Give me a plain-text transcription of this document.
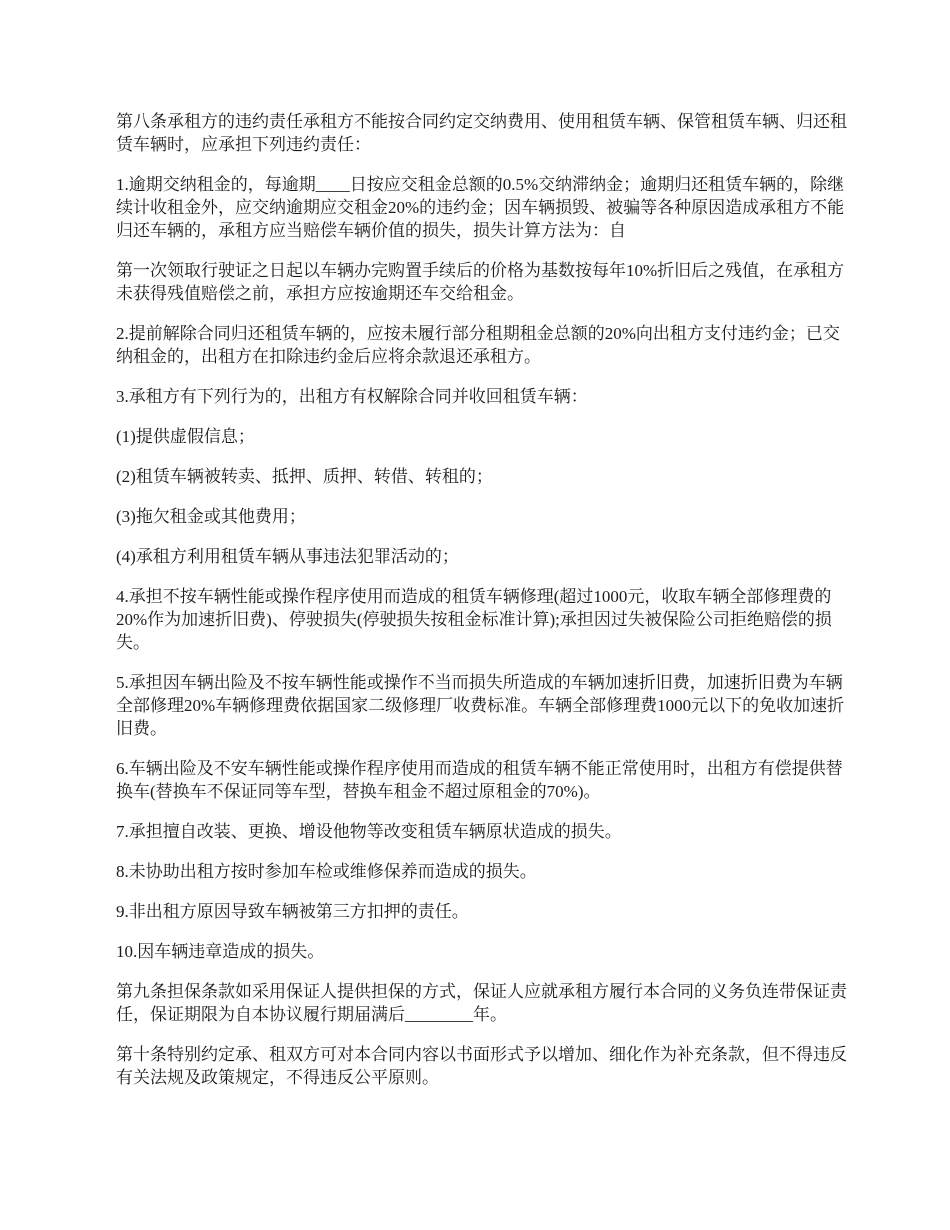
第八条承租方的违约责任承租方不能按合同约定交纳费用、使用租赁车辆、保管租赁车辆、归还租赁车辆时，应承担下列违约责任：

1.逾期交纳租金的，每逾期____日按应交租金总额的0.5%交纳滞纳金；逾期归还租赁车辆的，除继续计收租金外，应交纳逾期应交租金20%的违约金；因车辆损毁、被骗等各种原因造成承租方不能归还车辆的，承租方应当赔偿车辆价值的损失，损失计算方法为：自

第一次领取行驶证之日起以车辆办完购置手续后的价格为基数按每年10%折旧后之残值，在承租方未获得残值赔偿之前，承担方应按逾期还车交给租金。

2.提前解除合同归还租赁车辆的，应按未履行部分租期租金总额的20%向出租方支付违约金；已交纳租金的，出租方在扣除违约金后应将余款退还承租方。

3.承租方有下列行为的，出租方有权解除合同并收回租赁车辆：

(1)提供虚假信息；

(2)租赁车辆被转卖、抵押、质押、转借、转租的；

(3)拖欠租金或其他费用；

(4)承租方利用租赁车辆从事违法犯罪活动的；

4.承担不按车辆性能或操作程序使用而造成的租赁车辆修理(超过1000元，收取车辆全部修理费的20%作为加速折旧费)、停驶损失(停驶损失按租金标准计算);承担因过失被保险公司拒绝赔偿的损失。

5.承担因车辆出险及不按车辆性能或操作不当而损失所造成的车辆加速折旧费，加速折旧费为车辆全部修理20%车辆修理费依据国家二级修理厂收费标准。车辆全部修理费1000元以下的免收加速折旧费。

6.车辆出险及不安车辆性能或操作程序使用而造成的租赁车辆不能正常使用时，出租方有偿提供替换车(替换车不保证同等车型，替换车租金不超过原租金的70%)。

7.承担擅自改装、更换、增设他物等改变租赁车辆原状造成的损失。

8.未协助出租方按时参加车检或维修保养而造成的损失。

9.非出租方原因导致车辆被第三方扣押的责任。

10.因车辆违章造成的损失。

第九条担保条款如采用保证人提供担保的方式，保证人应就承租方履行本合同的义务负连带保证责任，保证期限为自本协议履行期届满后________年。

第十条特别约定承、租双方可对本合同内容以书面形式予以增加、细化作为补充条款，但不得违反有关法规及政策规定，不得违反公平原则。
